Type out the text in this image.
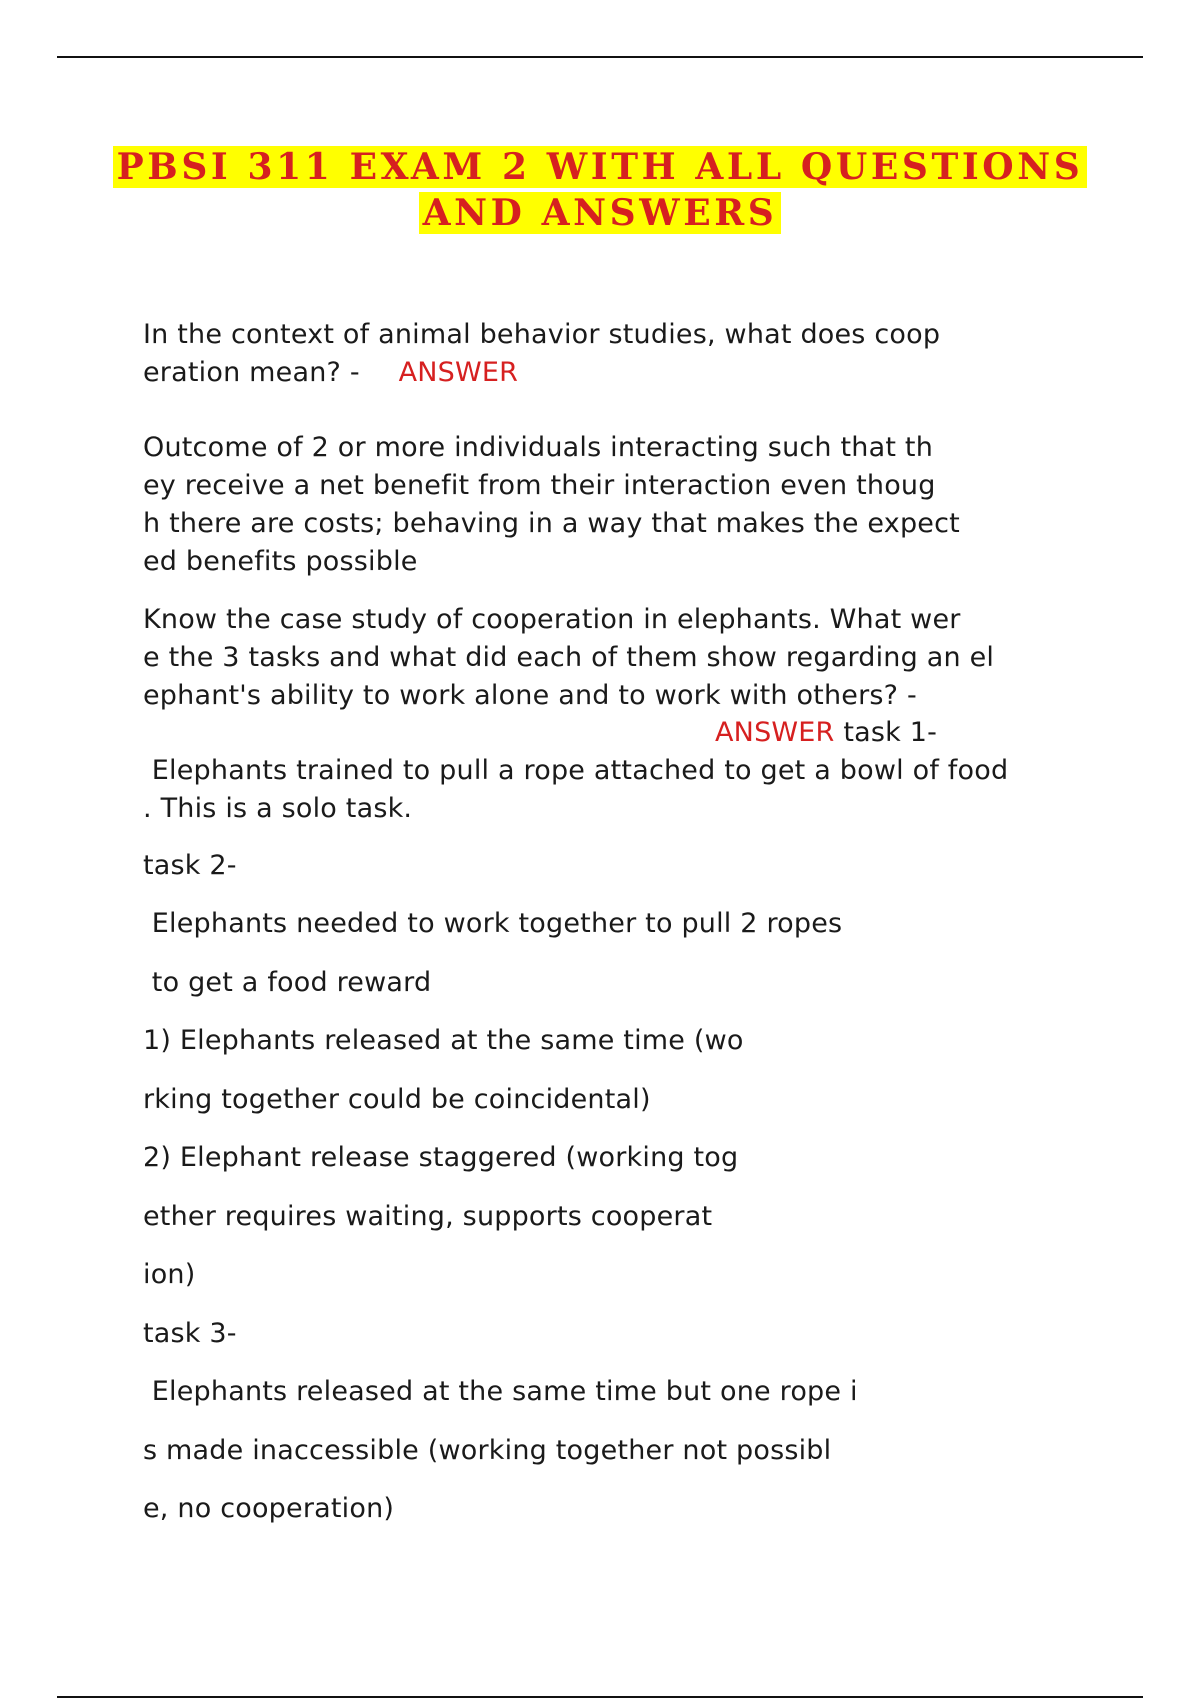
PBSI 311 EXAM 2 WITH ALL QUESTIONS
AND ANSWERS
In the context of animal behavior studies, what does coop
eration mean? - ANSWER
Outcome of 2 or more individuals interacting such that th
ey receive a net benefit from their interaction even thoug
h there are costs; behaving in a way that makes the expect
ed benefits possible
Know the case study of cooperation in elephants. What wer
e the 3 tasks and what did each of them show regarding an el
ephant's ability to work alone and to work with others? -
ANSWER task 1-
Elephants trained to pull a rope attached to get a bowl of food
. This is a solo task.
task 2-
Elephants needed to work together to pull 2 ropes
to get a food reward
1) Elephants released at the same time (wo
rking together could be coincidental)
2) Elephant release staggered (working tog
ether requires waiting, supports cooperat
ion)
task 3-
Elephants released at the same time but one rope i
s made inaccessible (working together not possibl
e, no cooperation)
